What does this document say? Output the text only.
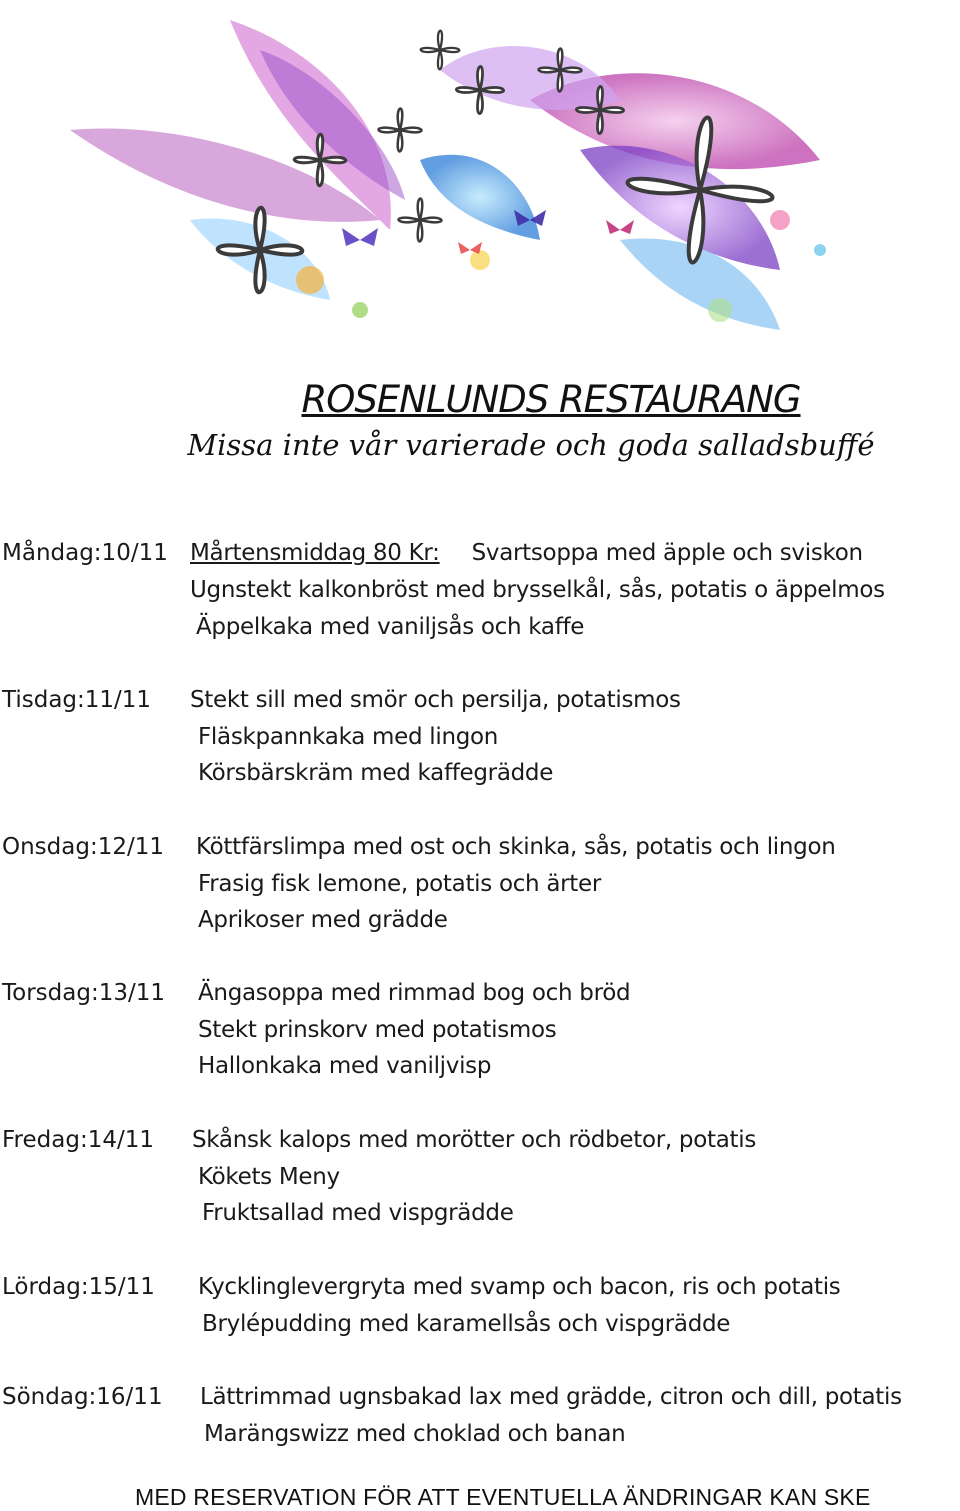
ROSENLUNDS RESTAURANG
Missa inte vår varierade och goda salladsbuffé
Måndag:10/11 Mårtensmiddag 80 Kr: Svartsoppa med äpple och sviskon
Ugnstekt kalkonbröst med brysselkål, sås, potatis o äppelmos
Äppelkaka med vaniljsås och kaffe
Tisdag:11/11 Stekt sill med smör och persilja, potatismos
Fläskpannkaka med lingon
Körsbärskräm med kaffegrädde
Onsdag:12/11 Köttfärslimpa med ost och skinka, sås, potatis och lingon
Frasig fisk lemone, potatis och ärter
Aprikoser med grädde
Torsdag:13/11 Ängasoppa med rimmad bog och bröd
Stekt prinskorv med potatismos
Hallonkaka med vaniljvisp
Fredag:14/11 Skånsk kalops med morötter och rödbetor, potatis
Kökets Meny
Fruktsallad med vispgrädde
Lördag:15/11 Kycklinglevergryta med svamp och bacon, ris och potatis
Brylépudding med karamellsås och vispgrädde
Söndag:16/11 Lättrimmad ugnsbakad lax med grädde, citron och dill, potatis
Marängswizz med choklad och banan
MED RESERVATION FÖR ATT EVENTUELLA ÄNDRINGAR KAN SKE
